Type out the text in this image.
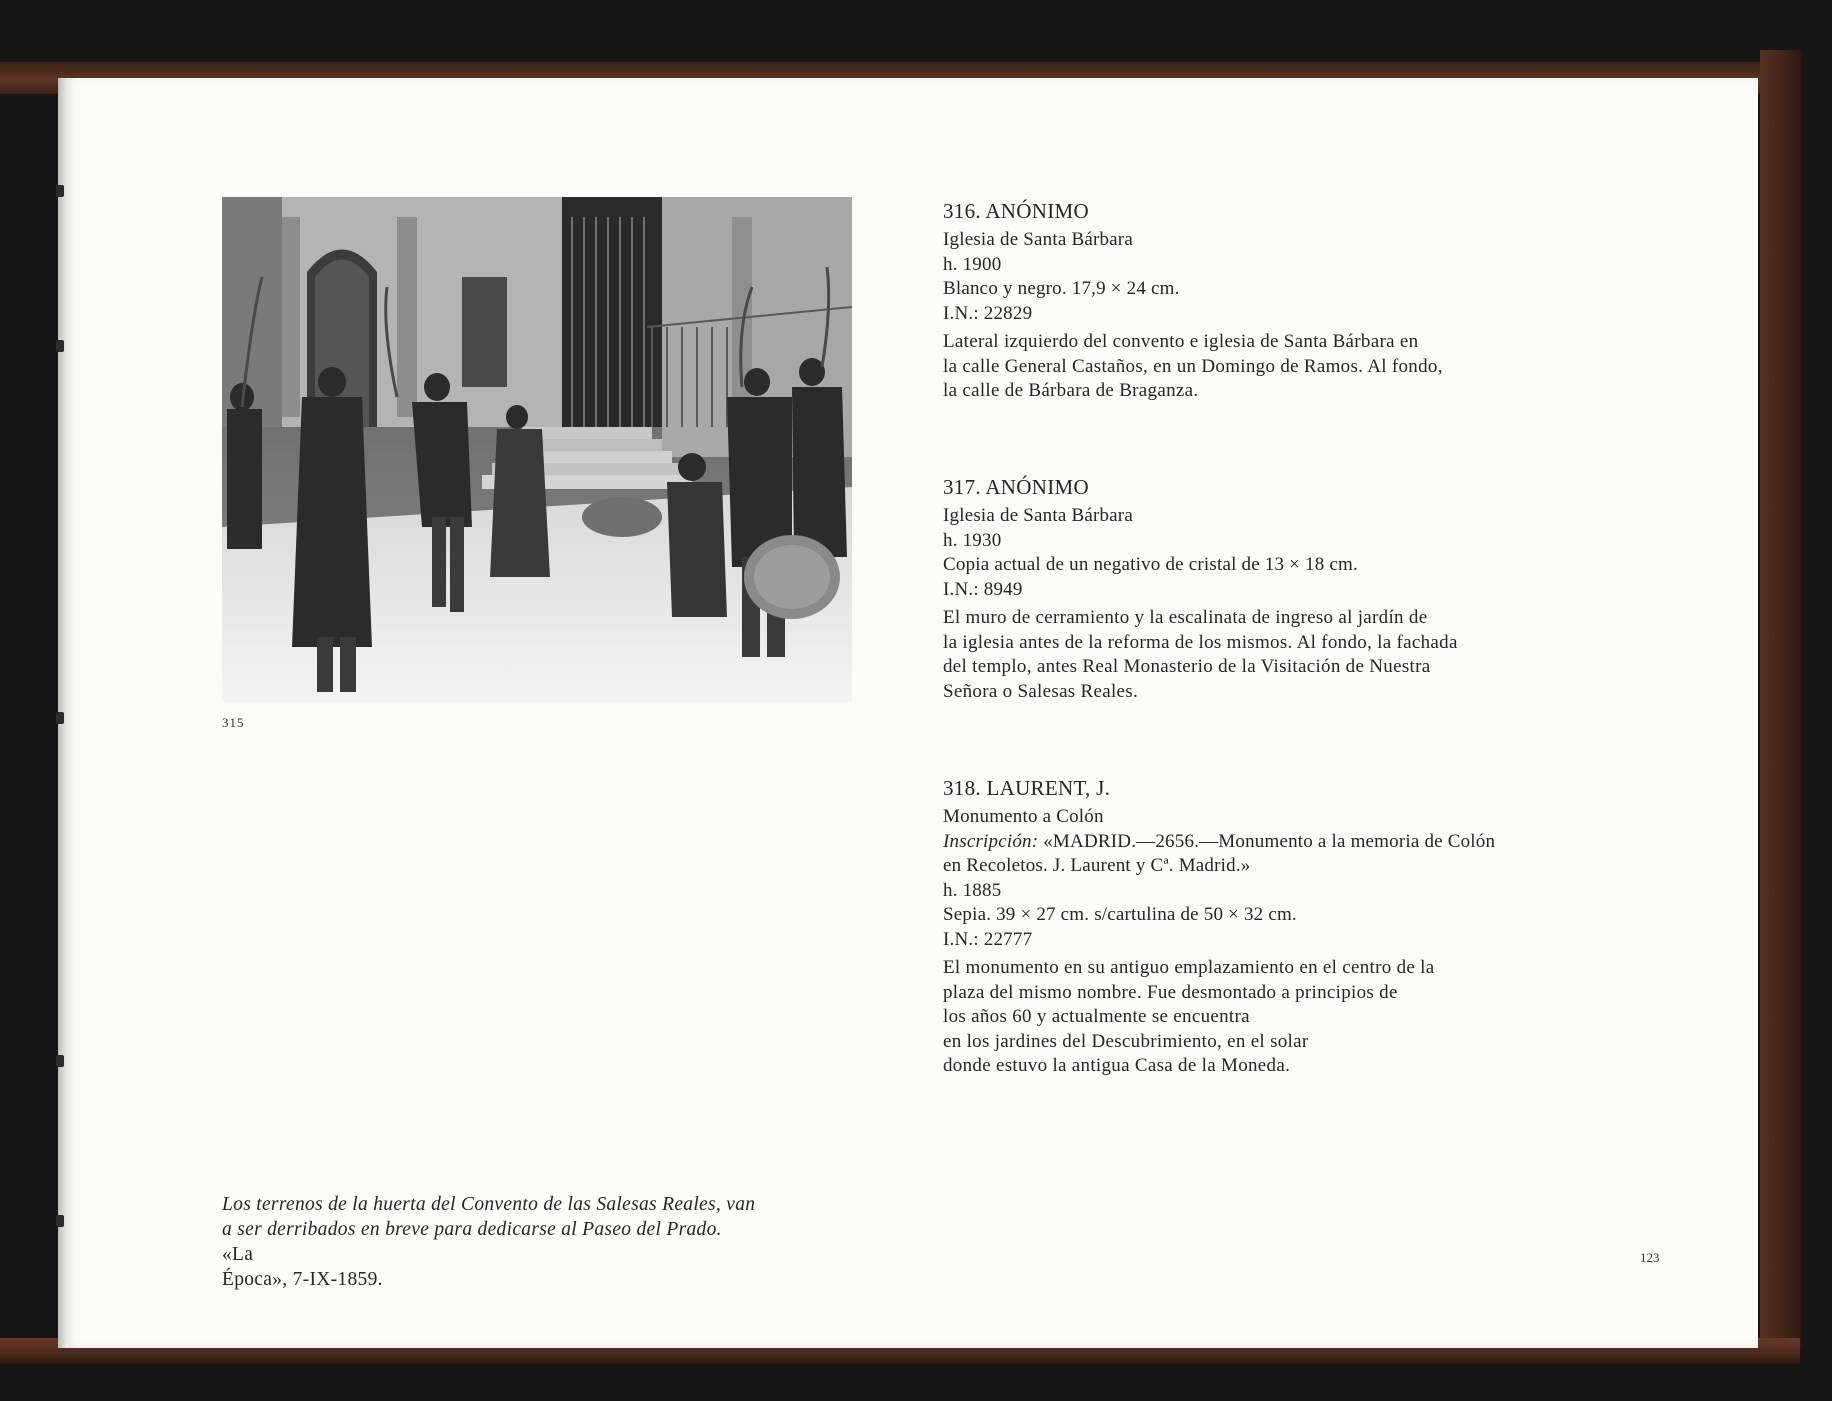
315
316. ANÓNIMO
Iglesia de Santa Bárbara
h. 1900
Blanco y negro. 17,9 × 24 cm.
I.N.: 22829
Lateral izquierdo del convento e iglesia de Santa Bárbara en
la calle General Castaños, en un Domingo de Ramos. Al fondo,
la calle de Bárbara de Braganza.
317. ANÓNIMO
Iglesia de Santa Bárbara
h. 1930
Copia actual de un negativo de cristal de 13 × 18 cm.
I.N.: 8949
El muro de cerramiento y la escalinata de ingreso al jardín de
la iglesia antes de la reforma de los mismos. Al fondo, la fachada
del templo, antes Real Monasterio de la Visitación de Nuestra
Señora o Salesas Reales.
318. LAURENT, J.
Monumento a Colón
Inscripción: «MADRID.—2656.—Monumento a la memoria de Colón
en Recoletos. J. Laurent y Cª. Madrid.»
h. 1885
Sepia. 39 × 27 cm. s/cartulina de 50 × 32 cm.
I.N.: 22777
El monumento en su antiguo emplazamiento en el centro de la
plaza del mismo nombre. Fue desmontado a principios de
los años 60 y actualmente se encuentra
en los jardines del Descubrimiento, en el solar
donde estuvo la antigua Casa de la Moneda.
Los terrenos de la huerta del Convento de las Salesas Reales, van
a ser derribados en breve para dedicarse al Paseo del Prado.
«La
Época», 7-IX-1859.
123
